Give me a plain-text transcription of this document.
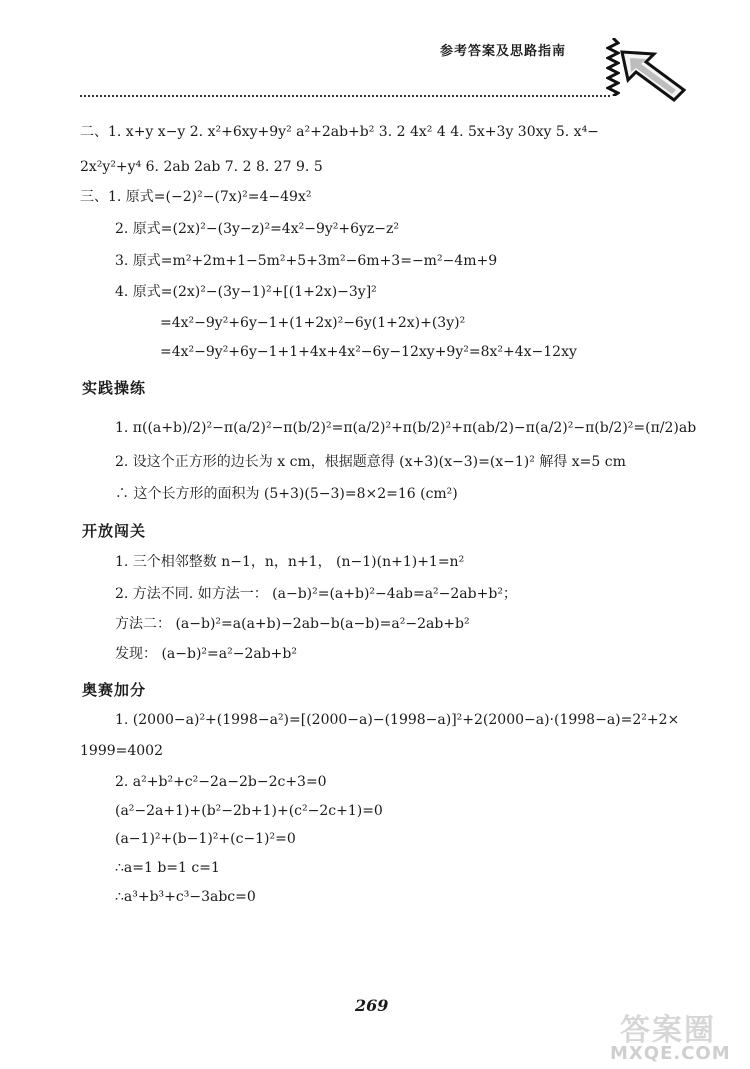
参考答案及思路指南
二、1. x+y x−y 2. x²+6xy+9y² a²+2ab+b² 3. 2 4x² 4 4. 5x+3y 30xy 5. x⁴−
2x²y²+y⁴ 6. 2ab 2ab 7. 2 8. 27 9. 5
三、1. 原式=(−2)²−(7x)²=4−49x²
2. 原式=(2x)²−(3y−z)²=4x²−9y²+6yz−z²
3. 原式=m²+2m+1−5m²+5+3m²−6m+3=−m²−4m+9
4. 原式=(2x)²−(3y−1)²+[(1+2x)−3y]²
=4x²−9y²+6y−1+(1+2x)²−6y(1+2x)+(3y)²
=4x²−9y²+6y−1+1+4x+4x²−6y−12xy+9y²=8x²+4x−12xy
实践操练
1. π((a+b)/2)²−π(a/2)²−π(b/2)²=π(a/2)²+π(b/2)²+π(ab/2)−π(a/2)²−π(b/2)²=(π/2)ab
2. 设这个正方形的边长为 x cm，根据题意得 (x+3)(x−3)=(x−1)² 解得 x=5 cm
∴ 这个长方形的面积为 (5+3)(5−3)=8×2=16 (cm²)
开放闯关
1. 三个相邻整数 n−1，n，n+1， (n−1)(n+1)+1=n²
2. 方法不同. 如方法一： (a−b)²=(a+b)²−4ab=a²−2ab+b²；
方法二： (a−b)²=a(a+b)−2ab−b(a−b)=a²−2ab+b²
发现： (a−b)²=a²−2ab+b²
奥赛加分
1. (2000−a)²+(1998−a²)=[(2000−a)−(1998−a)]²+2(2000−a)·(1998−a)=2²+2×
1999=4002
2. a²+b²+c²−2a−2b−2c+3=0
(a²−2a+1)+(b²−2b+1)+(c²−2c+1)=0
(a−1)²+(b−1)²+(c−1)²=0
∴a=1 b=1 c=1
∴a³+b³+c³−3abc=0
269
答案圈
MXQE.COM
